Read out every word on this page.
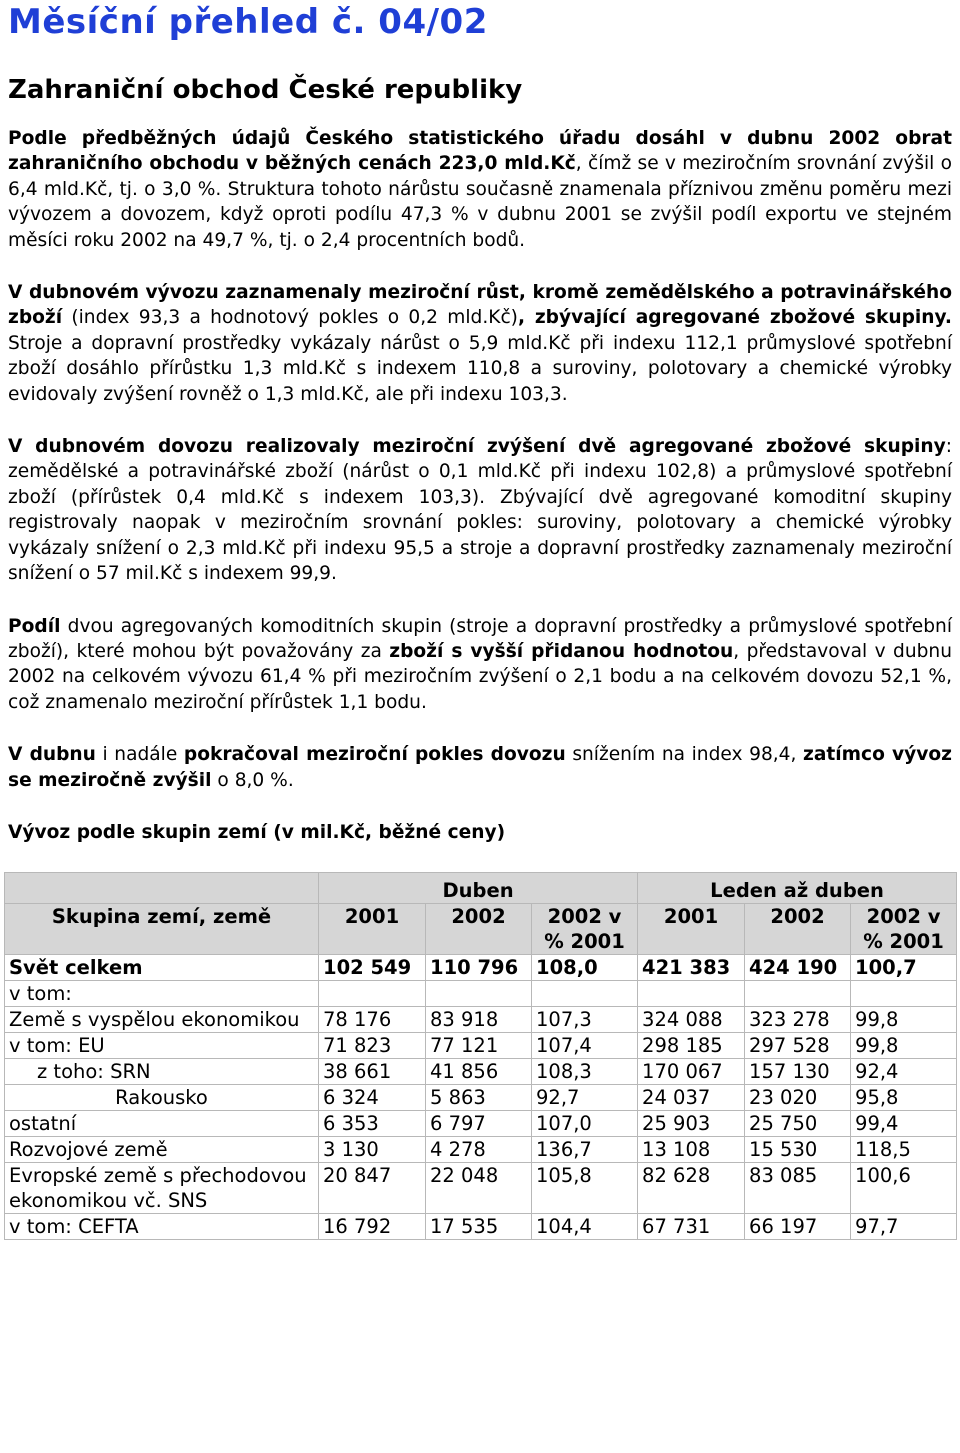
Měsíční přehled č. 04/02
Zahraniční obchod České republiky

Podle předběžných údajů Českého statistického úřadu dosáhl v dubnu 2002 obrat zahraničního obchodu v běžných cenách 223,0 mld.Kč, čímž se v meziročním srovnání zvýšil o 6,4 mld.Kč, tj. o 3,0 %. Struktura tohoto nárůstu současně znamenala příznivou změnu poměru mezi vývozem a dovozem, když oproti podílu 47,3 % v dubnu 2001 se zvýšil podíl exportu ve stejném měsíci roku 2002 na 49,7 %, tj. o 2,4 procentních bodů.

V dubnovém vývozu zaznamenaly meziroční růst, kromě zemědělského a potravinářského zboží (index 93,3 a hodnotový pokles o 0,2 mld.Kč), zbývající agregované zbožové skupiny. Stroje a dopravní prostředky vykázaly nárůst o 5,9 mld.Kč při indexu 112,1 průmyslové spotřební zboží dosáhlo přírůstku 1,3 mld.Kč s indexem 110,8 a suroviny, polotovary a chemické výrobky evidovaly zvýšení rovněž o 1,3 mld.Kč, ale při indexu 103,3.

V dubnovém dovozu realizovaly meziroční zvýšení dvě agregované zbožové skupiny: zemědělské a potravinářské zboží (nárůst o 0,1 mld.Kč při indexu 102,8) a průmyslové spotřební zboží (přírůstek 0,4 mld.Kč s indexem 103,3). Zbývající dvě agregované komoditní skupiny registrovaly naopak v meziročním srovnání pokles: suroviny, polotovary a chemické výrobky vykázaly snížení o 2,3 mld.Kč při indexu 95,5 a stroje a dopravní prostředky zaznamenaly meziroční snížení o 57 mil.Kč s indexem 99,9.

Podíl dvou agregovaných komoditních skupin (stroje a dopravní prostředky a průmyslové spotřební zboží), které mohou být považovány za zboží s vyšší přidanou hodnotou, představoval v dubnu 2002 na celkovém vývozu 61,4 % při meziročním zvýšení o 2,1 bodu a na celkovém dovozu 52,1 %, což znamenalo meziroční přírůstek 1,1 bodu.

V dubnu i nadále pokračoval meziroční pokles dovozu snížením na index 98,4, zatímco vývoz se meziročně zvýšil o 8,0 %.

Vývoz podle skupin zemí (v mil.Kč, běžné ceny)

	Duben			Leden až duben		
Skupina zemí, země	2001	2002	2002 v % 2001	2001	2002	2002 v % 2001
Svět celkem	102 549	110 796	108,0	421 383	424 190	100,7
v tom:						
Země s vyspělou ekonomikou	78 176	83 918	107,3	324 088	323 278	99,8
v tom: EU	71 823	77 121	107,4	298 185	297 528	99,8
z toho: SRN	38 661	41 856	108,3	170 067	157 130	92,4
Rakousko	6 324	5 863	92,7	24 037	23 020	95,8
ostatní	6 353	6 797	107,0	25 903	25 750	99,4
Rozvojové země	3 130	4 278	136,7	13 108	15 530	118,5
Evropské země s přechodovou ekonomikou vč. SNS	20 847	22 048	105,8	82 628	83 085	100,6
v tom: CEFTA	16 792	17 535	104,4	67 731	66 197	97,7
